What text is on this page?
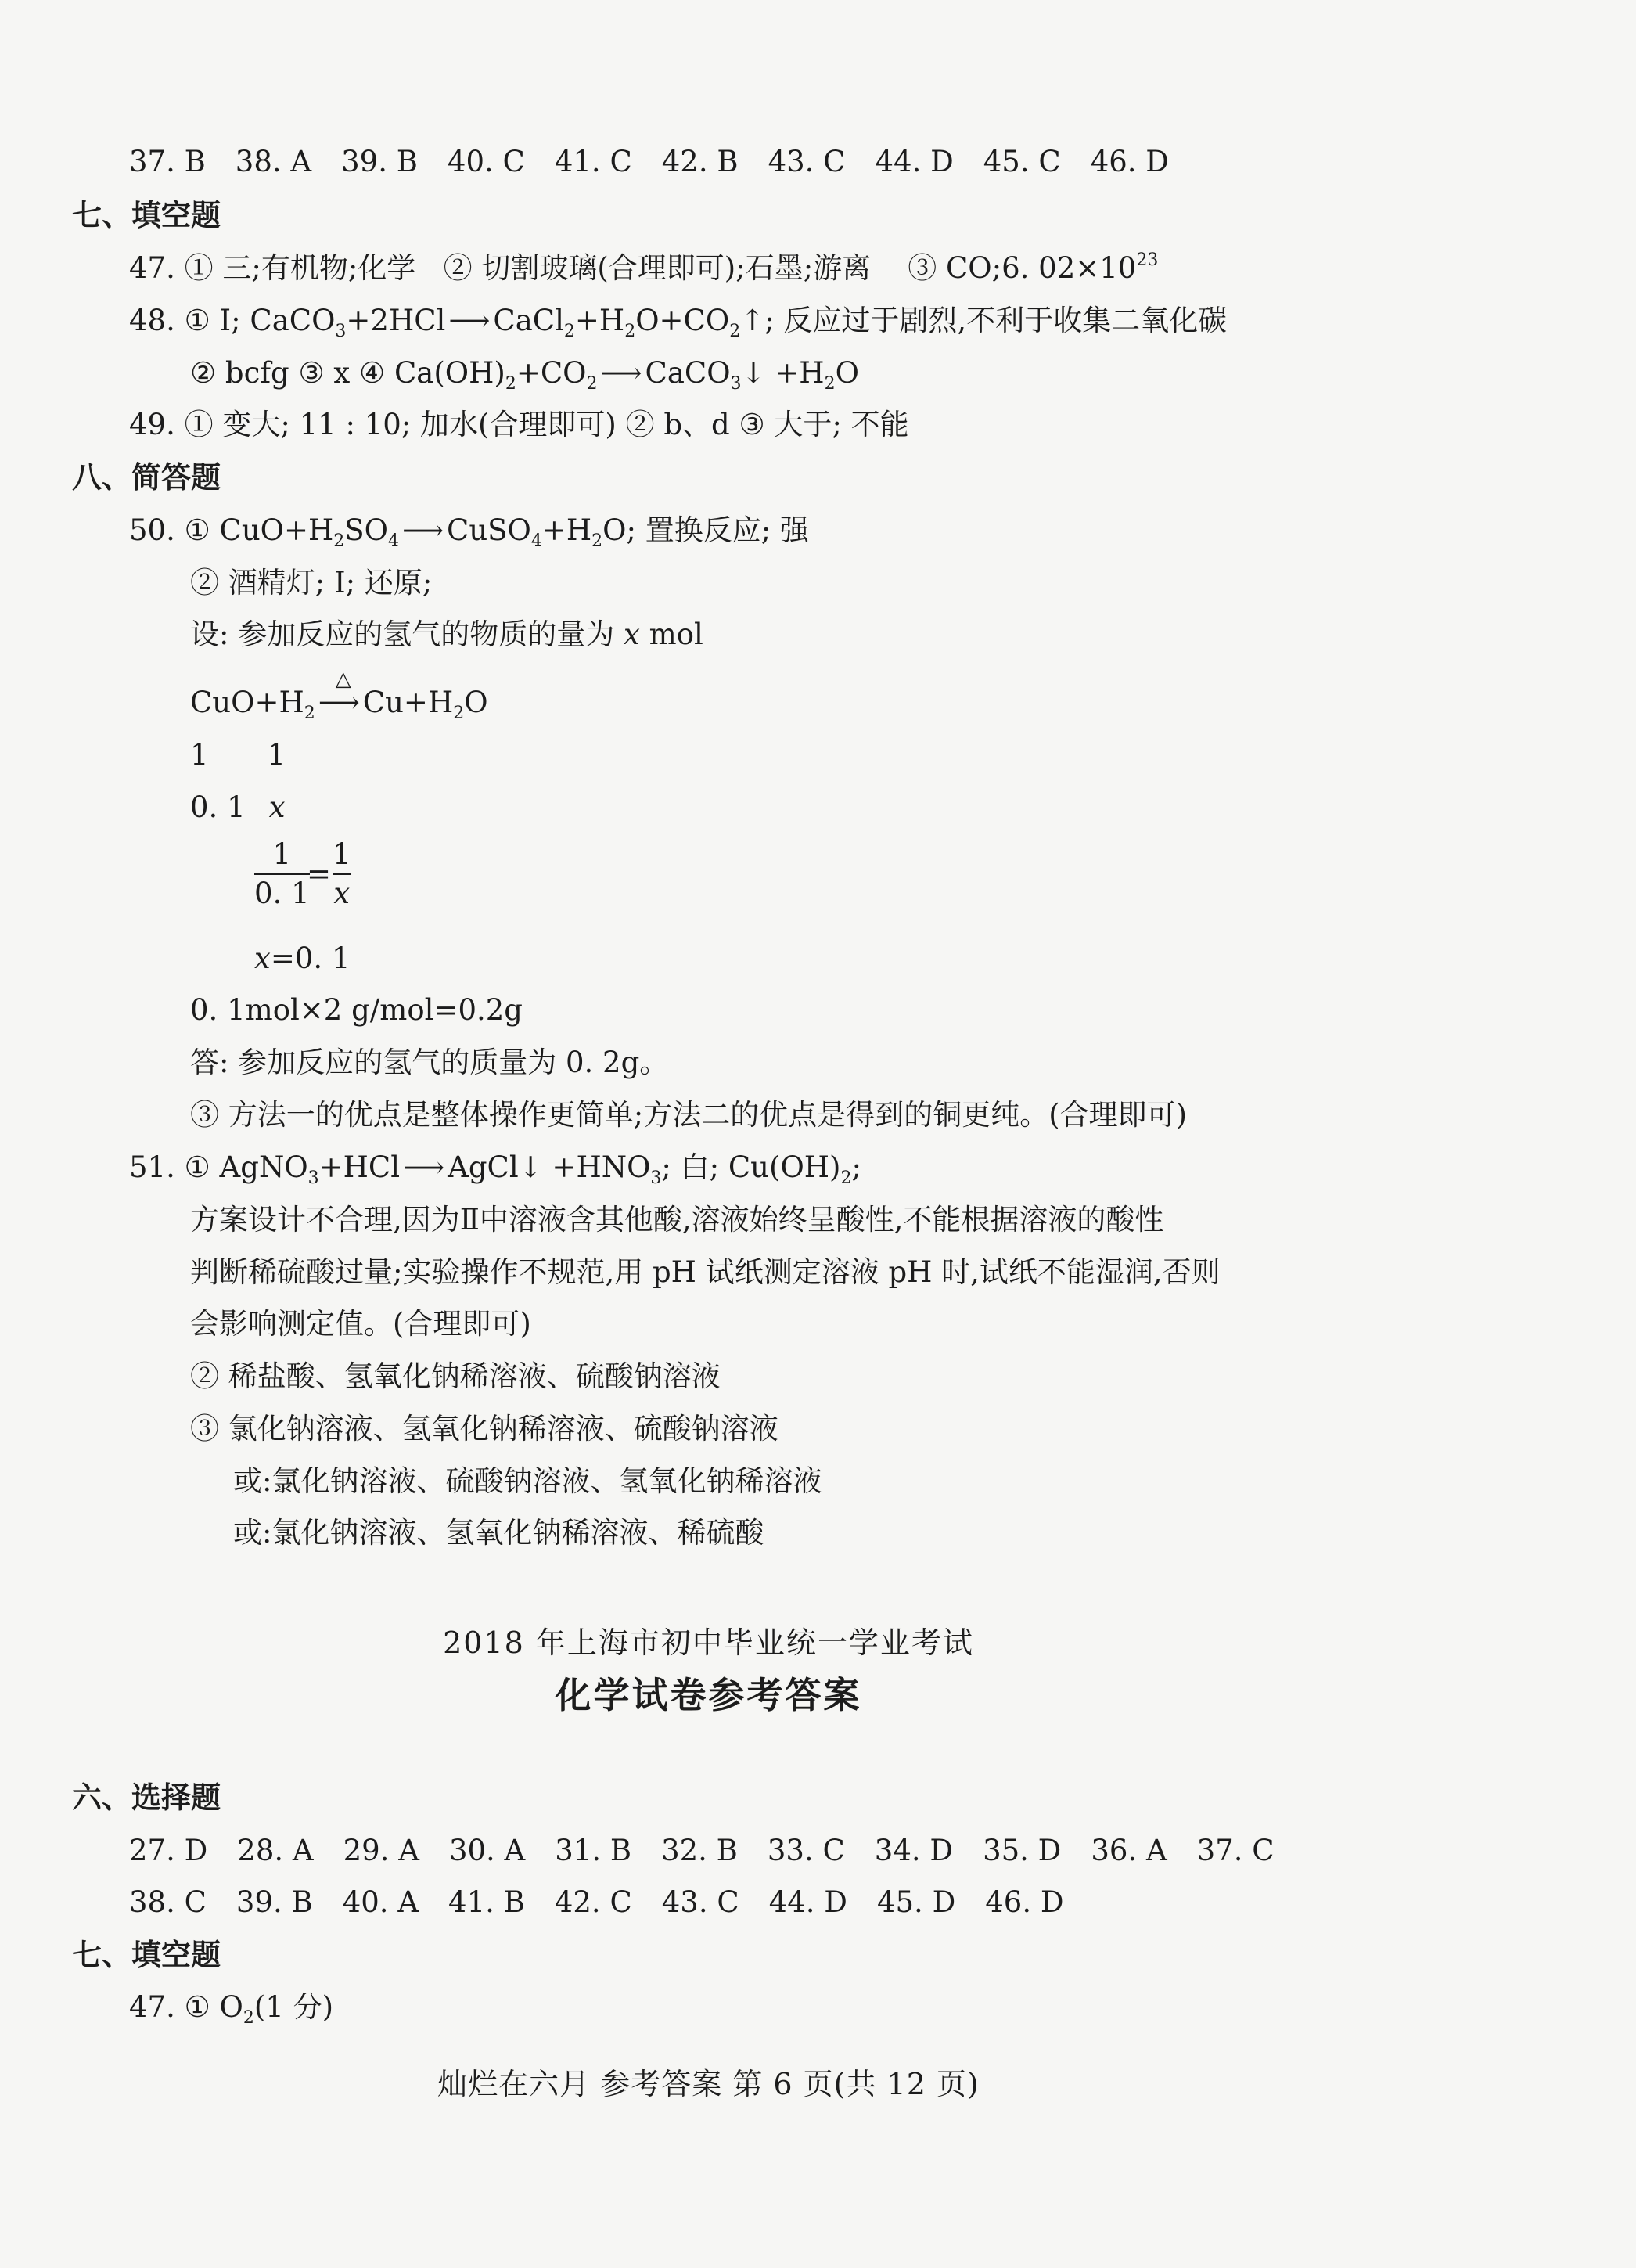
37. B 38. A 39. B 40. C 41. C 42. B 43. C 44. D 45. C 46. D
七、填空题
47. ① 三;有机物;化学 ② 切割玻璃(合理即可);石墨;游离 ③ CO;6. $02\times 10^{23}$
48. ① Ⅰ; CaCO$_3$+2HCl ⟶ $CaCl_2+H_2O+CO_2↑$; 反应过于剧烈,不利于收集二氧化碳
② bcfg ③ x ④ $Ca(OH)_2+CO_2$ ⟶ CaCO$_3$↓ $+H_2O$
49. ① 变大; 11 : 10; 加水(合理即可) ② b、d ③ 大于; 不能
八、简答题
50. ① $CuO+H_2SO_4$ ⟶ $CuSO_4+H_2O$; 置换反应; 强
② 酒精灯; Ⅰ; 还原;
设: 参加反应的氢气的物质的量为 x mol
$CuO+H_2$
△
⟶ $Cu+H_2O$
1 1
0. 1 x
1
0. 1
=
1
x
x=0. 1
0. 1mol×2 g/mol=0.2g
答: 参加反应的氢气的质量为 0. 2g。
③ 方法一的优点是整体操作更简单;方法二的优点是得到的铜更纯。(合理即可)
51. ① AgNO$_3$+HCl ⟶ AgCl↓ $+HNO_3$; 白; $Cu(OH)_2$;
方案设计不合理,因为Ⅱ中溶液含其他酸,溶液始终呈酸性,不能根据溶液的酸性
判断稀硫酸过量;实验操作不规范,用 pH 试纸测定溶液 pH 时,试纸不能湿润,否则
会影响测定值。(合理即可)
② 稀盐酸、氢氧化钠稀溶液、硫酸钠溶液
③ 氯化钠溶液、氢氧化钠稀溶液、硫酸钠溶液
或:氯化钠溶液、硫酸钠溶液、氢氧化钠稀溶液
或:氯化钠溶液、氢氧化钠稀溶液、稀硫酸
2018 年上海市初中毕业统一学业考试
化学试卷参考答案
六、选择题
27. D 28. A 29. A 30. A 31. B 32. B 33. C 34. D 35. D 36. A 37. C
38. C 39. B 40. A 41. B 42. C 43. C 44. D 45. D 46. D
七、填空题
47. ① $O_2(1$ 分)
灿烂在六月 参考答案 第 6 页(共 12 页)
